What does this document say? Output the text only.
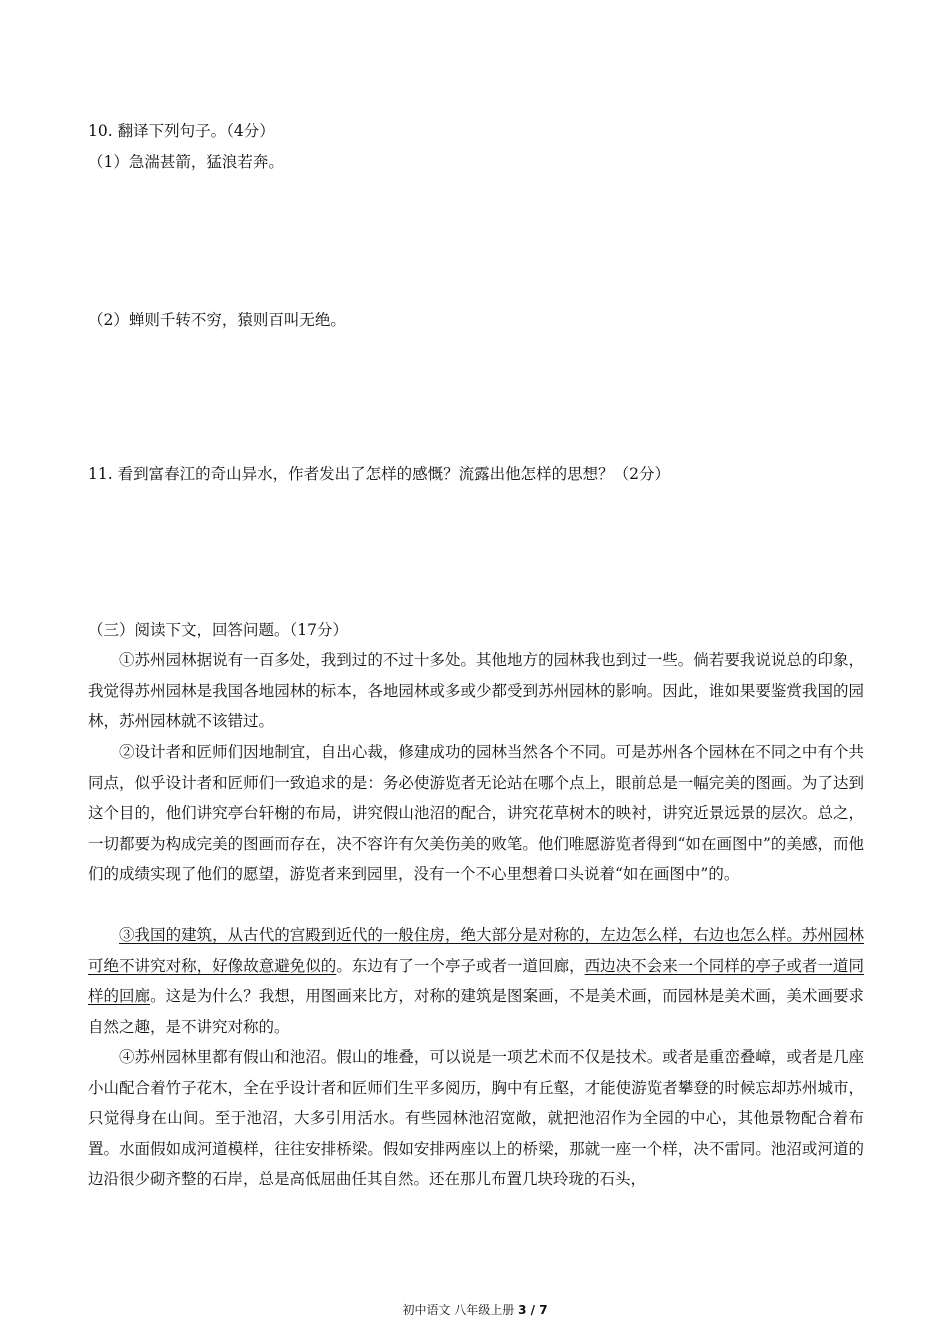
10. 翻译下列句子。（4分）
（1）急湍甚箭，猛浪若奔。
（2）蝉则千转不穷，猿则百叫无绝。
11. 看到富春江的奇山异水，作者发出了怎样的感慨？流露出他怎样的思想？（2分）
（三）阅读下文，回答问题。（17分）

①苏州园林据说有一百多处，我到过的不过十多处。其他地方的园林我也到过一些。倘若要我说说总的印象，我觉得苏州园林是我国各地园林的标本，各地园林或多或少都受到苏州园林的影响。因此，谁如果要鉴赏我国的园林，苏州园林就不该错过。

②设计者和匠师们因地制宜，自出心裁，修建成功的园林当然各个不同。可是苏州各个园林在不同之中有个共同点，似乎设计者和匠师们一致追求的是：务必使游览者无论站在哪个点上，眼前总是一幅完美的图画。为了达到这个目的，他们讲究亭台轩榭的布局，讲究假山池沼的配合，讲究花草树木的映衬，讲究近景远景的层次。总之，一切都要为构成完美的图画而存在，决不容许有欠美伤美的败笔。他们唯愿游览者得到“如在画图中”的美感，而他们的成绩实现了他们的愿望，游览者来到园里，没有一个不心里想着口头说着“如在画图中”的。

③我国的建筑，从古代的宫殿到近代的一般住房，绝大部分是对称的，左边怎么样，右边也怎么样。苏州园林可绝不讲究对称，好像故意避免似的。东边有了一个亭子或者一道回廊，西边决不会来一个同样的亭子或者一道同样的回廊。这是为什么？我想，用图画来比方，对称的建筑是图案画，不是美术画，而园林是美术画，美术画要求自然之趣，是不讲究对称的。

④苏州园林里都有假山和池沼。假山的堆叠，可以说是一项艺术而不仅是技术。或者是重峦叠嶂，或者是几座小山配合着竹子花木，全在乎设计者和匠师们生平多阅历，胸中有丘壑，才能使游览者攀登的时候忘却苏州城市，只觉得身在山间。至于池沼，大多引用活水。有些园林池沼宽敞，就把池沼作为全园的中心，其他景物配合着布置。水面假如成河道模样，往往安排桥梁。假如安排两座以上的桥梁，那就一座一个样，决不雷同。池沼或河道的边沿很少砌齐整的石岸，总是高低屈曲任其自然。还在那儿布置几块玲珑的石头，

初中语文 八年级上册 3 / 7
